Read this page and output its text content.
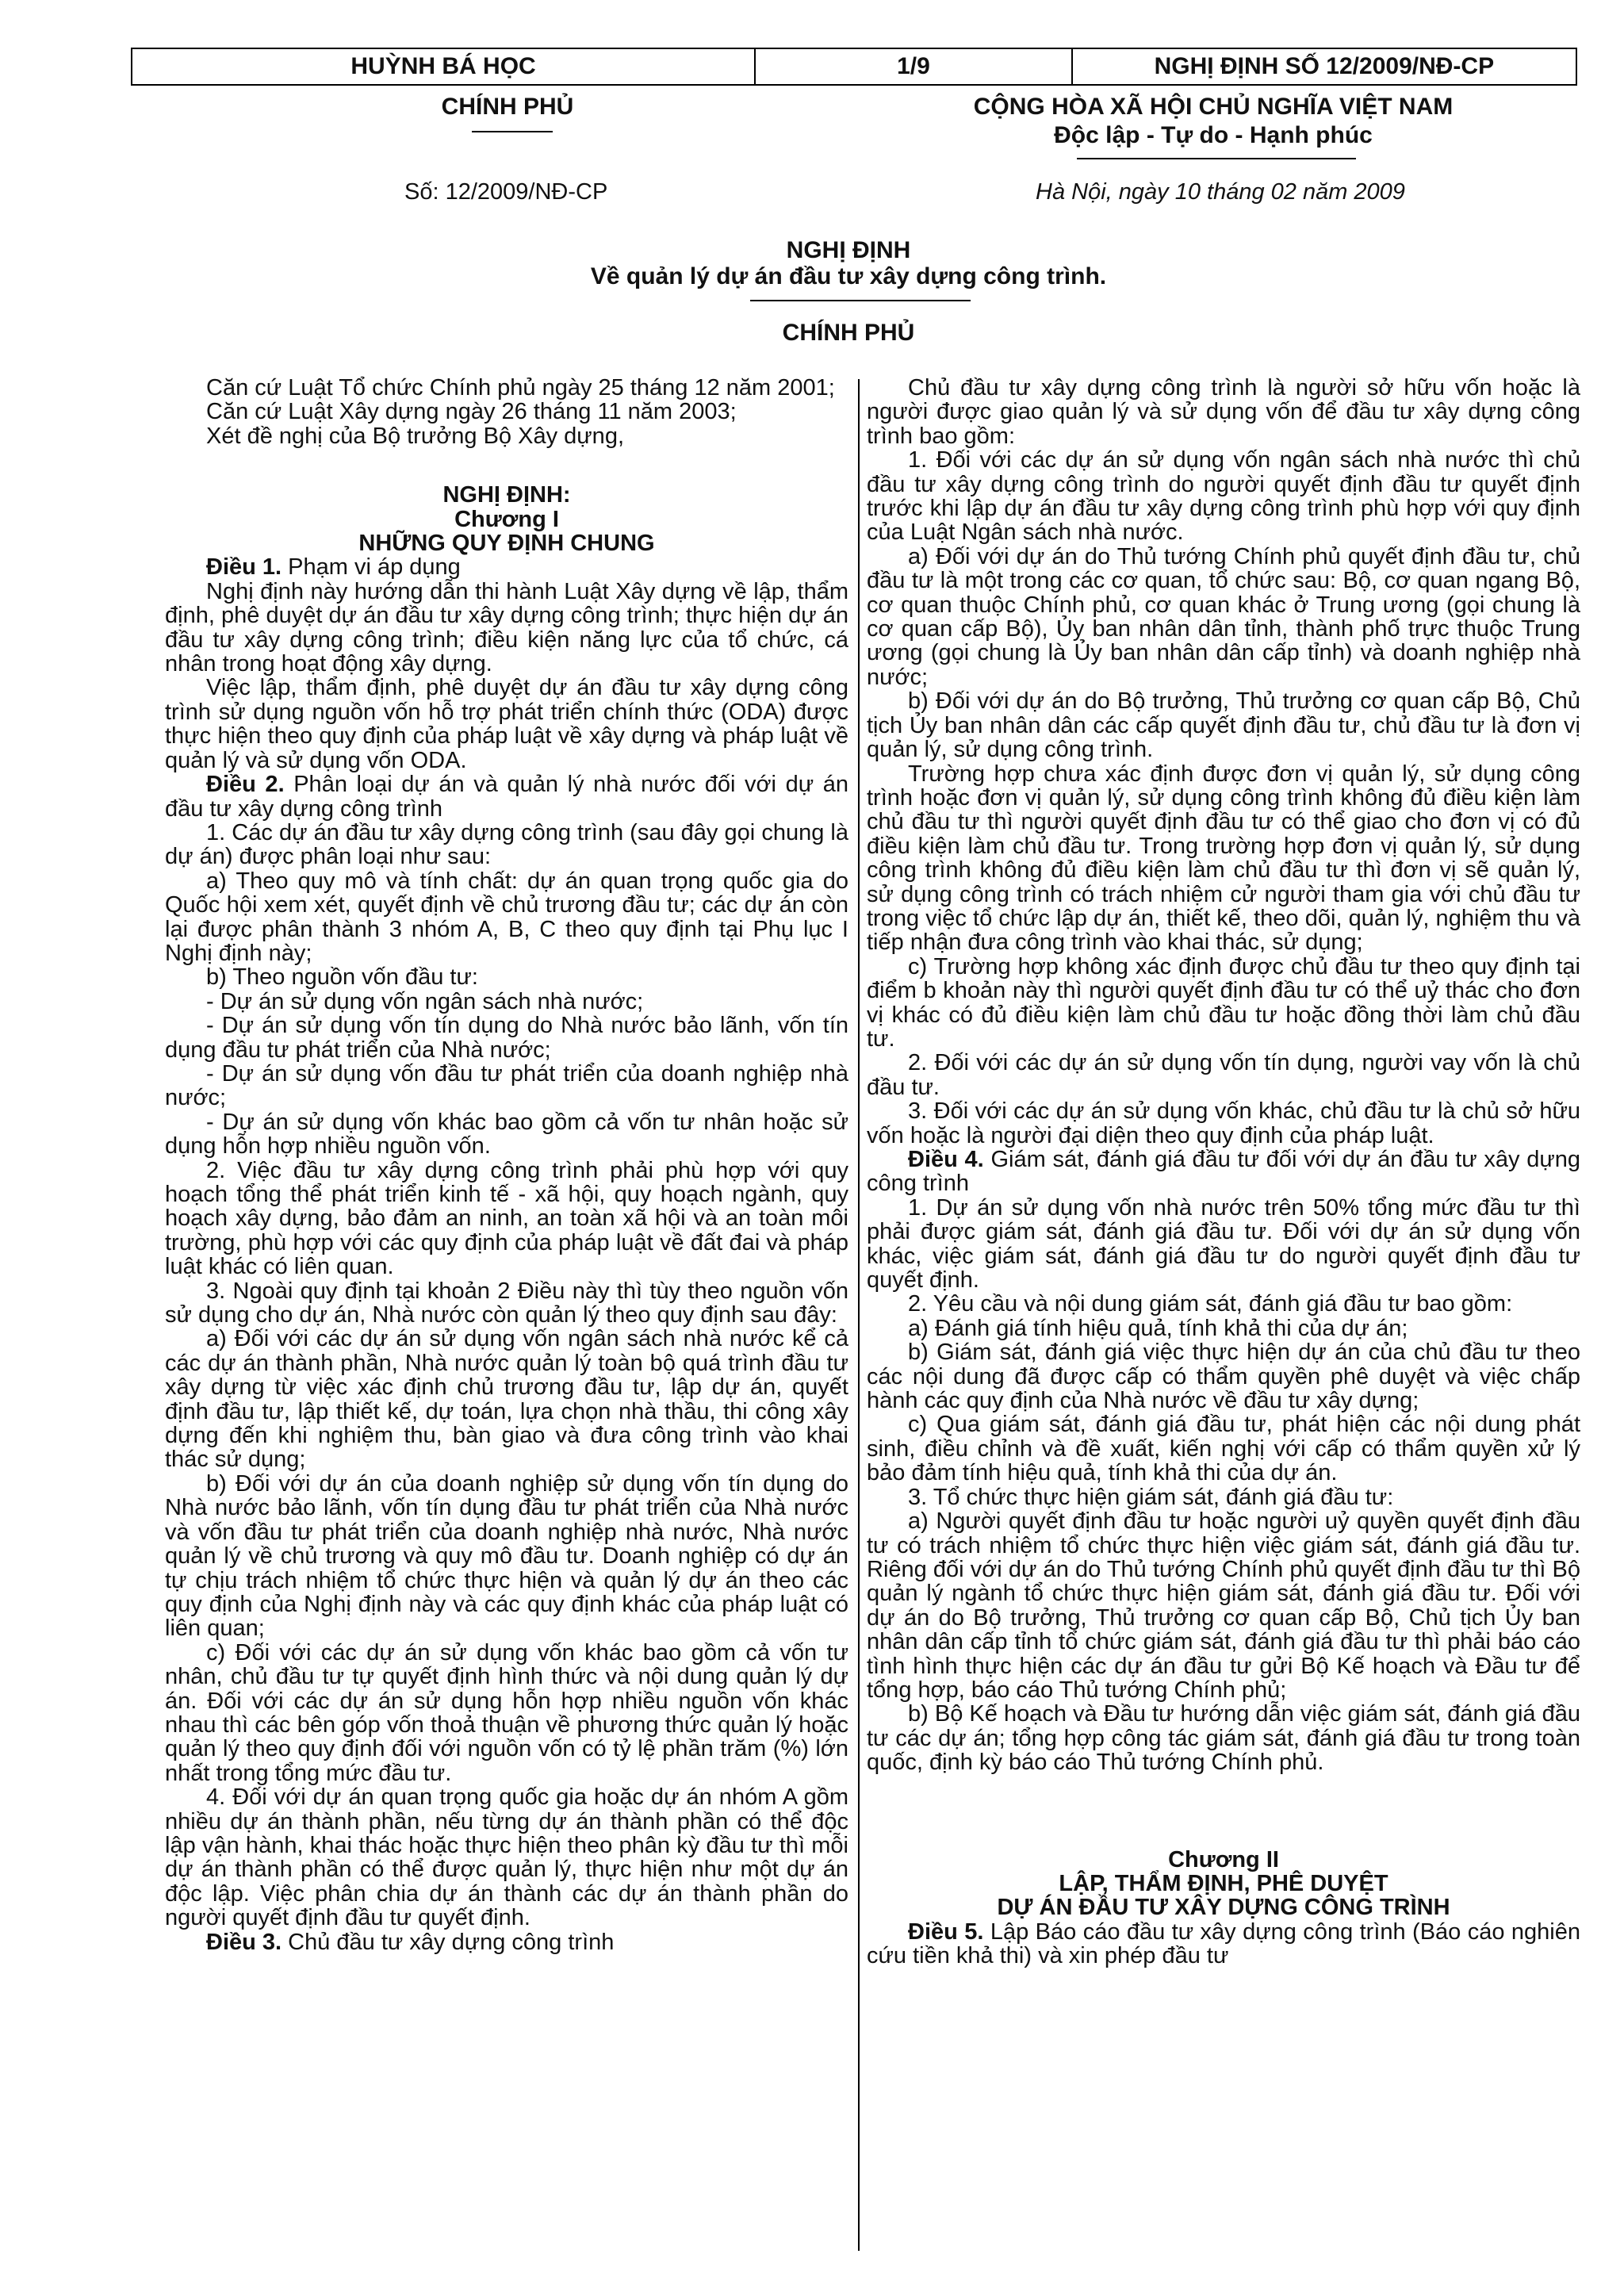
HUỲNH BÁ HỌC	1/9	NGHỊ ĐỊNH SỐ 12/2009/NĐ-CP
CHÍNH PHỦ	CỘNG HÒA XÃ HỘI CHỦ NGHĨA VIỆT NAM
Độc lập - Tự do - Hạnh phúc
Số: 12/2009/NĐ-CP	Hà Nội, ngày 10 tháng 02 năm 2009
NGHỊ ĐỊNH
Về quản lý dự án đầu tư xây dựng công trình.
CHÍNH PHỦ

Căn cứ Luật Tổ chức Chính phủ ngày 25 tháng 12 năm 2001;

Căn cứ Luật Xây dựng ngày 26 tháng 11 năm 2003;

Xét đề nghị của Bộ trưởng Bộ Xây dựng,

NGHỊ ĐỊNH:

Chương I

NHỮNG QUY ĐỊNH CHUNG

Điều 1. Phạm vi áp dụng

Nghị định này hướng dẫn thi hành Luật Xây dựng về lập, thẩm định, phê duyệt dự án đầu tư xây dựng công trình; thực hiện dự án đầu tư xây dựng công trình; điều kiện năng lực của tổ chức, cá nhân trong hoạt động xây dựng.

Việc lập, thẩm định, phê duyệt dự án đầu tư xây dựng công trình sử dụng nguồn vốn hỗ trợ phát triển chính thức (ODA) được thực hiện theo quy định của pháp luật về xây dựng và pháp luật về quản lý và sử dụng vốn ODA.

Điều 2. Phân loại dự án và quản lý nhà nước đối với dự án đầu tư xây dựng công trình

1. Các dự án đầu tư xây dựng công trình (sau đây gọi chung là dự án) được phân loại như sau:

a) Theo quy mô và tính chất: dự án quan trọng quốc gia do Quốc hội xem xét, quyết định về chủ trương đầu tư; các dự án còn lại được phân thành 3 nhóm A, B, C theo quy định tại Phụ lục I Nghị định này;

b) Theo nguồn vốn đầu tư:

- Dự án sử dụng vốn ngân sách nhà nước;

- Dự án sử dụng vốn tín dụng do Nhà nước bảo lãnh, vốn tín dụng đầu tư phát triển của Nhà nước;

- Dự án sử dụng vốn đầu tư phát triển của doanh nghiệp nhà nước;

- Dự án sử dụng vốn khác bao gồm cả vốn tư nhân hoặc sử dụng hỗn hợp nhiều nguồn vốn.

2. Việc đầu tư xây dựng công trình phải phù hợp với quy hoạch tổng thể phát triển kinh tế - xã hội, quy hoạch ngành, quy hoạch xây dựng, bảo đảm an ninh, an toàn xã hội và an toàn môi trường, phù hợp với các quy định của pháp luật về đất đai và pháp luật khác có liên quan.

3. Ngoài quy định tại khoản 2 Điều này thì tùy theo nguồn vốn sử dụng cho dự án, Nhà nước còn quản lý theo quy định sau đây:

a) Đối với các dự án sử dụng vốn ngân sách nhà nước kể cả các dự án thành phần, Nhà nước quản lý toàn bộ quá trình đầu tư xây dựng từ việc xác định chủ trương đầu tư, lập dự án, quyết định đầu tư, lập thiết kế, dự toán, lựa chọn nhà thầu, thi công xây dựng đến khi nghiệm thu, bàn giao và đưa công trình vào khai thác sử dụng;

b) Đối với dự án của doanh nghiệp sử dụng vốn tín dụng do Nhà nước bảo lãnh, vốn tín dụng đầu tư phát triển của Nhà nước và vốn đầu tư phát triển của doanh nghiệp nhà nước, Nhà nước quản lý về chủ trương và quy mô đầu tư. Doanh nghiệp có dự án tự chịu trách nhiệm tổ chức thực hiện và quản lý dự án theo các quy định của Nghị định này và các quy định khác của pháp luật có liên quan;

c) Đối với các dự án sử dụng vốn khác bao gồm cả vốn tư nhân, chủ đầu tư tự quyết định hình thức và nội dung quản lý dự án. Đối với các dự án sử dụng hỗn hợp nhiều nguồn vốn khác nhau thì các bên góp vốn thoả thuận về phương thức quản lý hoặc quản lý theo quy định đối với nguồn vốn có tỷ lệ phần trăm (%) lớn nhất trong tổng mức đầu tư.

4. Đối với dự án quan trọng quốc gia hoặc dự án nhóm A gồm nhiều dự án thành phần, nếu từng dự án thành phần có thể độc lập vận hành, khai thác hoặc thực hiện theo phân kỳ đầu tư thì mỗi dự án thành phần có thể được quản lý, thực hiện như một dự án độc lập. Việc phân chia dự án thành các dự án thành phần do người quyết định đầu tư quyết định.

Điều 3. Chủ đầu tư xây dựng công trình

Chủ đầu tư xây dựng công trình là người sở hữu vốn hoặc là người được giao quản lý và sử dụng vốn để đầu tư xây dựng công trình bao gồm:

1. Đối với các dự án sử dụng vốn ngân sách nhà nước thì chủ đầu tư xây dựng công trình do người quyết định đầu tư quyết định trước khi lập dự án đầu tư xây dựng công trình phù hợp với quy định của Luật Ngân sách nhà nước.

a) Đối với dự án do Thủ tướng Chính phủ quyết định đầu tư, chủ đầu tư là một trong các cơ quan, tổ chức sau: Bộ, cơ quan ngang Bộ, cơ quan thuộc Chính phủ, cơ quan khác ở Trung ương (gọi chung là cơ quan cấp Bộ), Ủy ban nhân dân tỉnh, thành phố trực thuộc Trung ương (gọi chung là Ủy ban nhân dân cấp tỉnh) và doanh nghiệp nhà nước;

b) Đối với dự án do Bộ trưởng, Thủ trưởng cơ quan cấp Bộ, Chủ tịch Ủy ban nhân dân các cấp quyết định đầu tư, chủ đầu tư là đơn vị quản lý, sử dụng công trình.

Trường hợp chưa xác định được đơn vị quản lý, sử dụng công trình hoặc đơn vị quản lý, sử dụng công trình không đủ điều kiện làm chủ đầu tư thì người quyết định đầu tư có thể giao cho đơn vị có đủ điều kiện làm chủ đầu tư. Trong trường hợp đơn vị quản lý, sử dụng công trình không đủ điều kiện làm chủ đầu tư thì đơn vị sẽ quản lý, sử dụng công trình có trách nhiệm cử người tham gia với chủ đầu tư trong việc tổ chức lập dự án, thiết kế, theo dõi, quản lý, nghiệm thu và tiếp nhận đưa công trình vào khai thác, sử dụng;

c) Trường hợp không xác định được chủ đầu tư theo quy định tại điểm b khoản này thì người quyết định đầu tư có thể uỷ thác cho đơn vị khác có đủ điều kiện làm chủ đầu tư hoặc đồng thời làm chủ đầu tư.

2. Đối với các dự án sử dụng vốn tín dụng, người vay vốn là chủ đầu tư.

3. Đối với các dự án sử dụng vốn khác, chủ đầu tư là chủ sở hữu vốn hoặc là người đại diện theo quy định của pháp luật.

Điều 4. Giám sát, đánh giá đầu tư đối với dự án đầu tư xây dựng công trình

1. Dự án sử dụng vốn nhà nước trên 50% tổng mức đầu tư thì phải được giám sát, đánh giá đầu tư. Đối với dự án sử dụng vốn khác, việc giám sát, đánh giá đầu tư do người quyết định đầu tư quyết định.

2. Yêu cầu và nội dung giám sát, đánh giá đầu tư bao gồm:

a) Đánh giá tính hiệu quả, tính khả thi của dự án;

b) Giám sát, đánh giá việc thực hiện dự án của chủ đầu tư theo các nội dung đã được cấp có thẩm quyền phê duyệt và việc chấp hành các quy định của Nhà nước về đầu tư xây dựng;

c) Qua giám sát, đánh giá đầu tư, phát hiện các nội dung phát sinh, điều chỉnh và đề xuất, kiến nghị với cấp có thẩm quyền xử lý bảo đảm tính hiệu quả, tính khả thi của dự án.

3. Tổ chức thực hiện giám sát, đánh giá đầu tư:

a) Người quyết định đầu tư hoặc người uỷ quyền quyết định đầu tư có trách nhiệm tổ chức thực hiện việc giám sát, đánh giá đầu tư. Riêng đối với dự án do Thủ tướng Chính phủ quyết định đầu tư thì Bộ quản lý ngành tổ chức thực hiện giám sát, đánh giá đầu tư. Đối với dự án do Bộ trưởng, Thủ trưởng cơ quan cấp Bộ, Chủ tịch Ủy ban nhân dân cấp tỉnh tổ chức giám sát, đánh giá đầu tư thì phải báo cáo tình hình thực hiện các dự án đầu tư gửi Bộ Kế hoạch và Đầu tư để tổng hợp, báo cáo Thủ tướng Chính phủ;

b) Bộ Kế hoạch và Đầu tư hướng dẫn việc giám sát, đánh giá đầu tư các dự án; tổng hợp công tác giám sát, đánh giá đầu tư trong toàn quốc, định kỳ báo cáo Thủ tướng Chính phủ.

Chương II

LẬP, THẨM ĐỊNH, PHÊ DUYỆT

DỰ ÁN ĐẦU TƯ XÂY DỰNG CÔNG TRÌNH

Điều 5. Lập Báo cáo đầu tư xây dựng công trình (Báo cáo nghiên cứu tiền khả thi) và xin phép đầu tư
